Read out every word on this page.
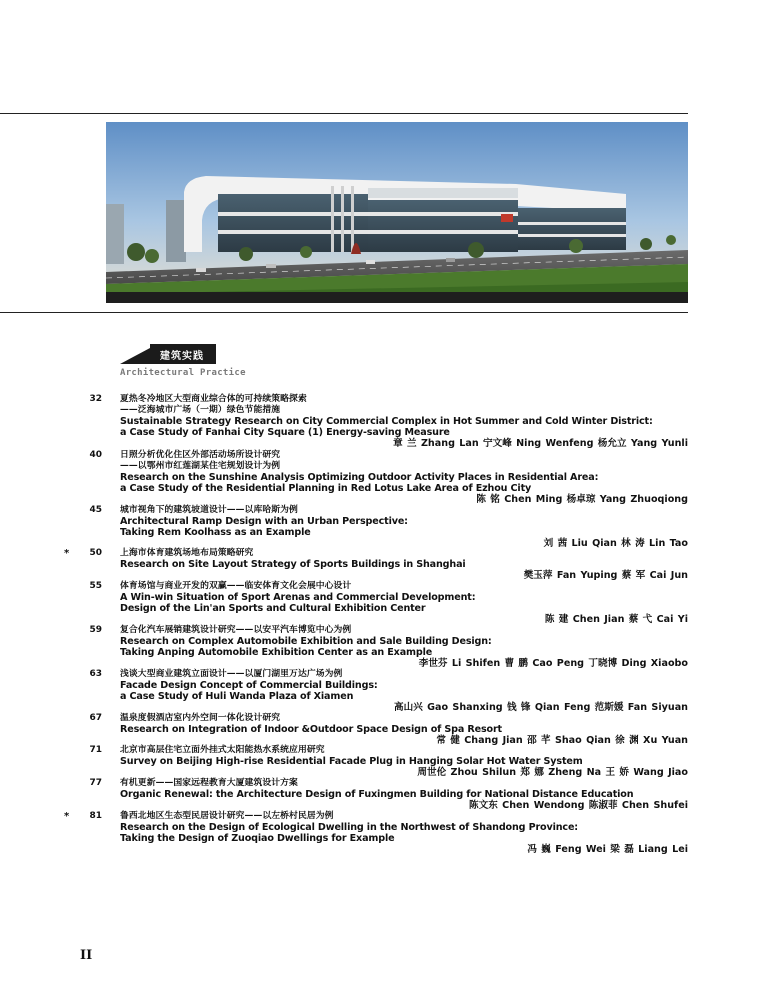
建筑实践
Architectural Practice
32 夏热冬冷地区大型商业综合体的可持续策略探索
——泛海城市广场（一期）绿色节能措施
Sustainable Strategy Research on City Commercial Complex in Hot Summer and Cold Winter District:
a Case Study of Fanhai City Square (1) Energy-saving Measure
章 兰 Zhang Lan 宁文峰 Ning Wenfeng 杨允立 Yang Yunli
40 日照分析优化住区外部活动场所设计研究
——以鄂州市红莲湖某住宅规划设计为例
Research on the Sunshine Analysis Optimizing Outdoor Activity Places in Residential Area:
a Case Study of the Residential Planning in Red Lotus Lake Area of Ezhou City
陈 铭 Chen Ming 杨卓琼 Yang Zhuoqiong
45 城市视角下的建筑坡道设计——以库哈斯为例
Architectural Ramp Design with an Urban Perspective:
Taking Rem Koolhass as an Example
刘 茜 Liu Qian 林 涛 Lin Tao
*	50 上海市体育建筑场地布局策略研究
Research on Site Layout Strategy of Sports Buildings in Shanghai
樊玉萍 Fan Yuping 蔡 军 Cai Jun
55 体育场馆与商业开发的双赢——临安体育文化会展中心设计
A Win-win Situation of Sport Arenas and Commercial Development:
Design of the Lin'an Sports and Cultural Exhibition Center
陈 建 Chen Jian 蔡 弋 Cai Yi
59 复合化汽车展销建筑设计研究——以安平汽车博览中心为例
Research on Complex Automobile Exhibition and Sale Building Design:
Taking Anping Automobile Exhibition Center as an Example
李世芬 Li Shifen 曹 鹏 Cao Peng 丁晓博 Ding Xiaobo
63 浅谈大型商业建筑立面设计——以厦门湖里万达广场为例
Facade Design Concept of Commercial Buildings:
a Case Study of Huli Wanda Plaza of Xiamen
高山兴 Gao Shanxing 钱 锋 Qian Feng 范斯媛 Fan Siyuan
67 温泉度假酒店室内外空间一体化设计研究
Research on Integration of Indoor &Outdoor Space Design of Spa Resort
常 健 Chang Jian 邵 芊 Shao Qian 徐 渊 Xu Yuan
71 北京市高层住宅立面外挂式太阳能热水系统应用研究
Survey on Beijing High-rise Residential Facade Plug in Hanging Solar Hot Water System
周世伦 Zhou Shilun 郑 娜 Zheng Na 王 娇 Wang Jiao
77 有机更新——国家远程教育大厦建筑设计方案
Organic Renewal: the Architecture Design of Fuxingmen Building for National Distance Education
陈文东 Chen Wendong 陈淑菲 Chen Shufei
*	81 鲁西北地区生态型民居设计研究——以左桥村民居为例
Research on the Design of Ecological Dwelling in the Northwest of Shandong Province:
Taking the Design of Zuoqiao Dwellings for Example
冯 巍 Feng Wei 梁 磊 Liang Lei
II
